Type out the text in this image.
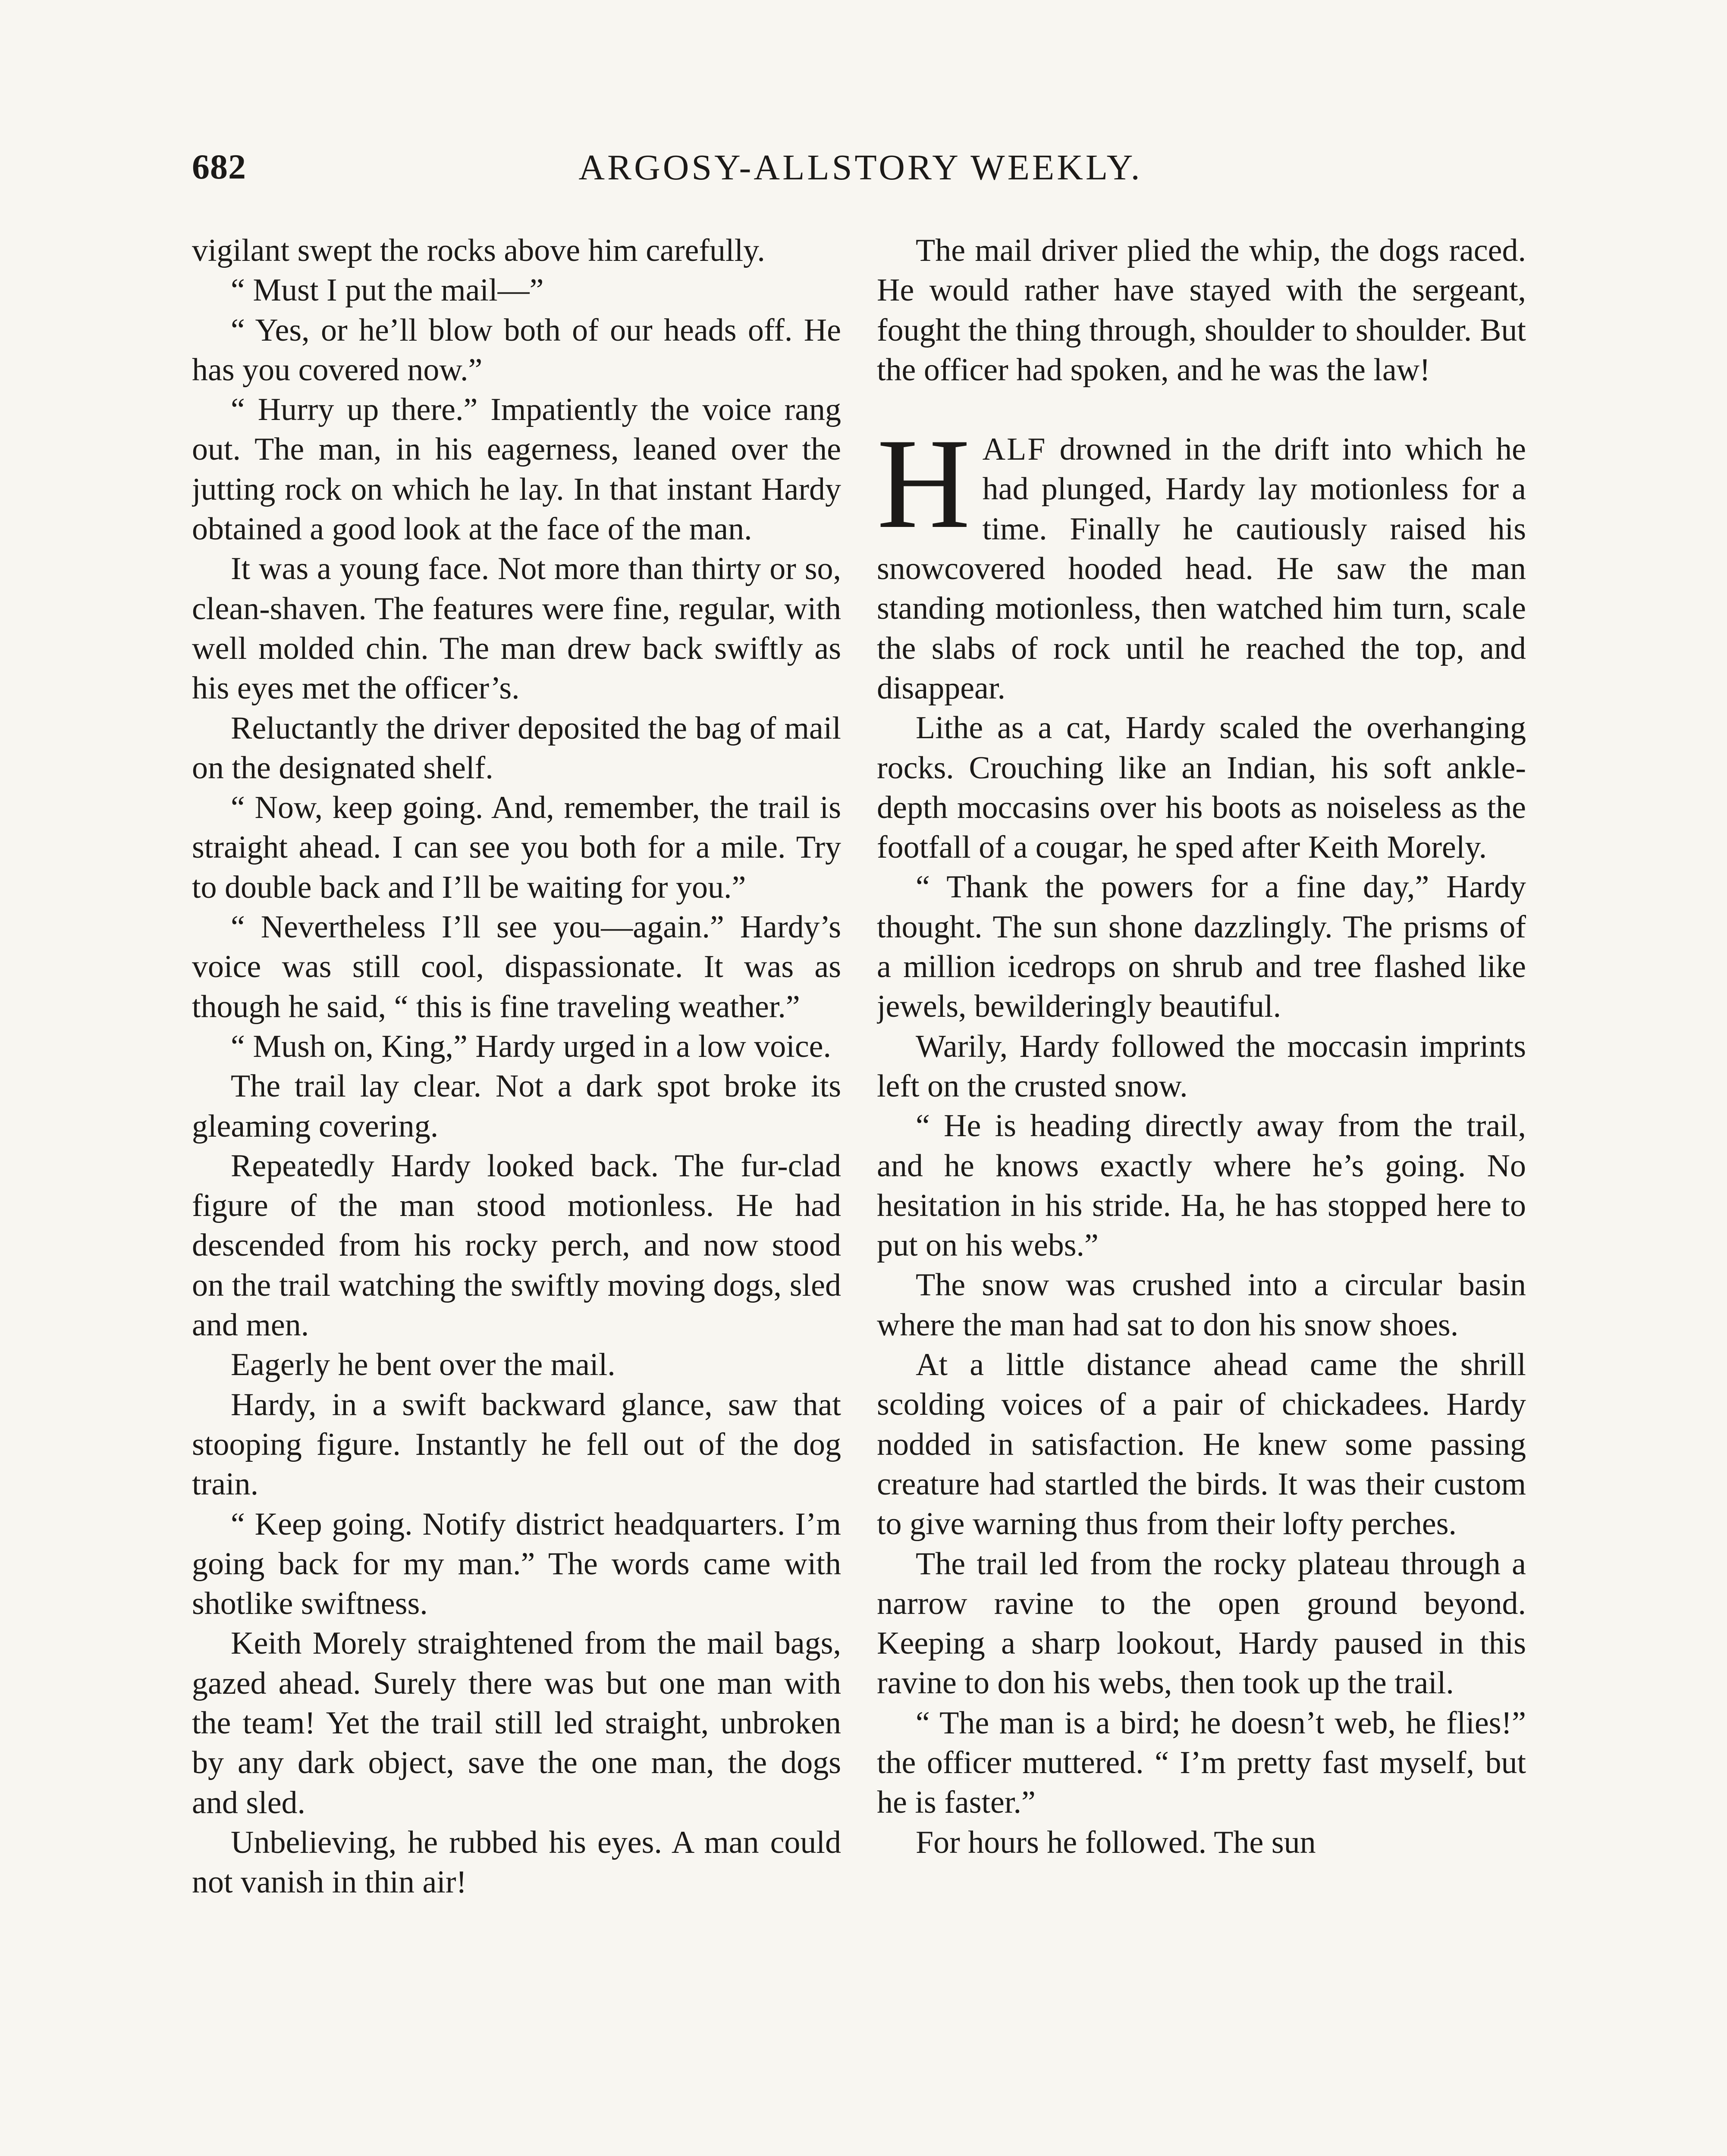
682	ARGOSY-ALLSTORY WEEKLY.

vigilant swept the rocks above him carefully.

“ Must I put the mail—”

“ Yes, or he’ll blow both of our heads off. He has you covered now.”

“ Hurry up there.” Impatiently the voice rang out. The man, in his eagerness, leaned over the jutting rock on which he lay. In that instant Hardy obtained a good look at the face of the man.

It was a young face. Not more than thirty or so, clean-shaven. The features were fine, regular, with well molded chin. The man drew back swiftly as his eyes met the officer’s.

Reluctantly the driver deposited the bag of mail on the designated shelf.

“ Now, keep going. And, remember, the trail is straight ahead. I can see you both for a mile. Try to double back and I’ll be waiting for you.”

“ Nevertheless I’ll see you—again.” Hardy’s voice was still cool, dispassionate. It was as though he said, “ this is fine traveling weather.”

“ Mush on, King,” Hardy urged in a low voice.

The trail lay clear. Not a dark spot broke its gleaming covering.

Repeatedly Hardy looked back. The fur-clad figure of the man stood motionless. He had descended from his rocky perch, and now stood on the trail watching the swiftly moving dogs, sled and men.

Eagerly he bent over the mail.

Hardy, in a swift backward glance, saw that stooping figure. Instantly he fell out of the dog train.

“ Keep going. Notify district headquarters. I’m going back for my man.” The words came with shotlike swiftness.

Keith Morely straightened from the mail bags, gazed ahead. Surely there was but one man with the team! Yet the trail still led straight, unbroken by any dark object, save the one man, the dogs and sled.

Unbelieving, he rubbed his eyes. A man could not vanish in thin air!

The mail driver plied the whip, the dogs raced. He would rather have stayed with the sergeant, fought the thing through, shoulder to shoulder. But the officer had spoken, and he was the law!

HALF drowned in the drift into which he had plunged, Hardy lay motionless for a time. Finally he cautiously raised his snowcovered hooded head. He saw the man standing motionless, then watched him turn, scale the slabs of rock until he reached the top, and disappear.

Lithe as a cat, Hardy scaled the overhanging rocks. Crouching like an Indian, his soft ankle-depth moccasins over his boots as noiseless as the footfall of a cougar, he sped after Keith Morely.

“ Thank the powers for a fine day,” Hardy thought. The sun shone dazzlingly. The prisms of a million icedrops on shrub and tree flashed like jewels, bewilderingly beautiful.

Warily, Hardy followed the moccasin imprints left on the crusted snow.

“ He is heading directly away from the trail, and he knows exactly where he’s going. No hesitation in his stride. Ha, he has stopped here to put on his webs.”

The snow was crushed into a circular basin where the man had sat to don his snow shoes.

At a little distance ahead came the shrill scolding voices of a pair of chickadees. Hardy nodded in satisfaction. He knew some passing creature had startled the birds. It was their custom to give warning thus from their lofty perches.

The trail led from the rocky plateau through a narrow ravine to the open ground beyond. Keeping a sharp lookout, Hardy paused in this ravine to don his webs, then took up the trail.

“ The man is a bird; he doesn’t web, he flies!” the officer muttered. “ I’m pretty fast myself, but he is faster.”

For hours he followed. The sun
